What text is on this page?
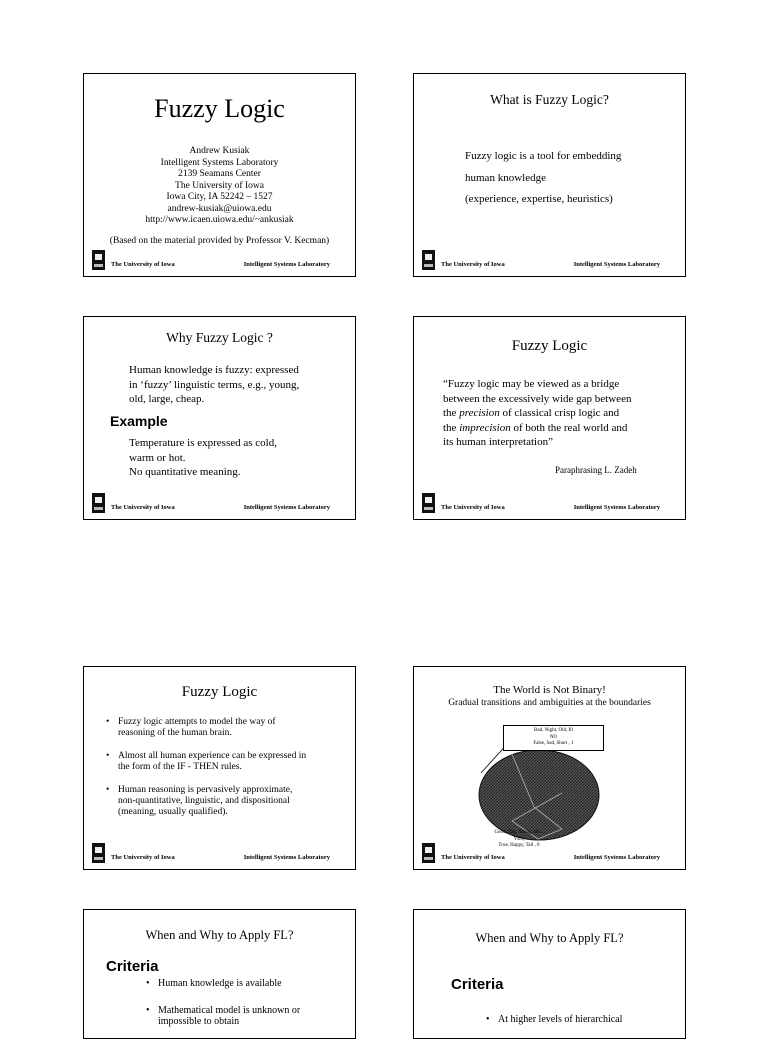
Fuzzy Logic
Andrew Kusiak
Intelligent Systems Laboratory
2139 Seamans Center
The University of Iowa
Iowa City, IA 52242 – 1527
andrew-kusiak@uiowa.edu
http://www.icaen.uiowa.edu/~ankusiak
(Based on the material provided by Professor V. Kecman)
The University of Iowa	Intelligent Systems Laboratory
What is Fuzzy Logic?
Fuzzy logic is a tool for embedding
human knowledge
(experience, expertise, heuristics)
The University of Iowa	Intelligent Systems Laboratory
Why Fuzzy Logic ?
Human knowledge is fuzzy: expressed
in ‘fuzzy’ linguistic terms, e.g., young,
old, large, cheap.
Example
Temperature is expressed as cold,
warm or hot.
No quantitative meaning.
The University of Iowa	Intelligent Systems Laboratory
Fuzzy Logic
“Fuzzy logic may be viewed as a bridge
between the excessively wide gap between
the precision of classical crisp logic and
the imprecision of both the real world and
its human interpretation”
Paraphrasing L. Zadeh
The University of Iowa	Intelligent Systems Laboratory
Fuzzy Logic
• Fuzzy logic attempts to model the way of
reasoning of the human brain.
• Almost all human experience can be expressed in
the form of the IF - THEN rules.
• Human reasoning is pervasively approximate,
non-quantitative, linguistic, and dispositional
(meaning, usually qualified).
The University of Iowa	Intelligent Systems Laboratory
The World is Not Binary!
Gradual transitions and ambiguities at the boundaries
Bad, Night, Old, Ill
NO
False, Sad, Short , 1
Good, Day, Young, He...
YES,
True, Happy, Tall , 0
The University of Iowa	Intelligent Systems Laboratory
When and Why to Apply FL?
Criteria
• Human knowledge is available
• Mathematical model is unknown or
impossible to obtain
When and Why to Apply FL?
Criteria
• At higher levels of hierarchical
